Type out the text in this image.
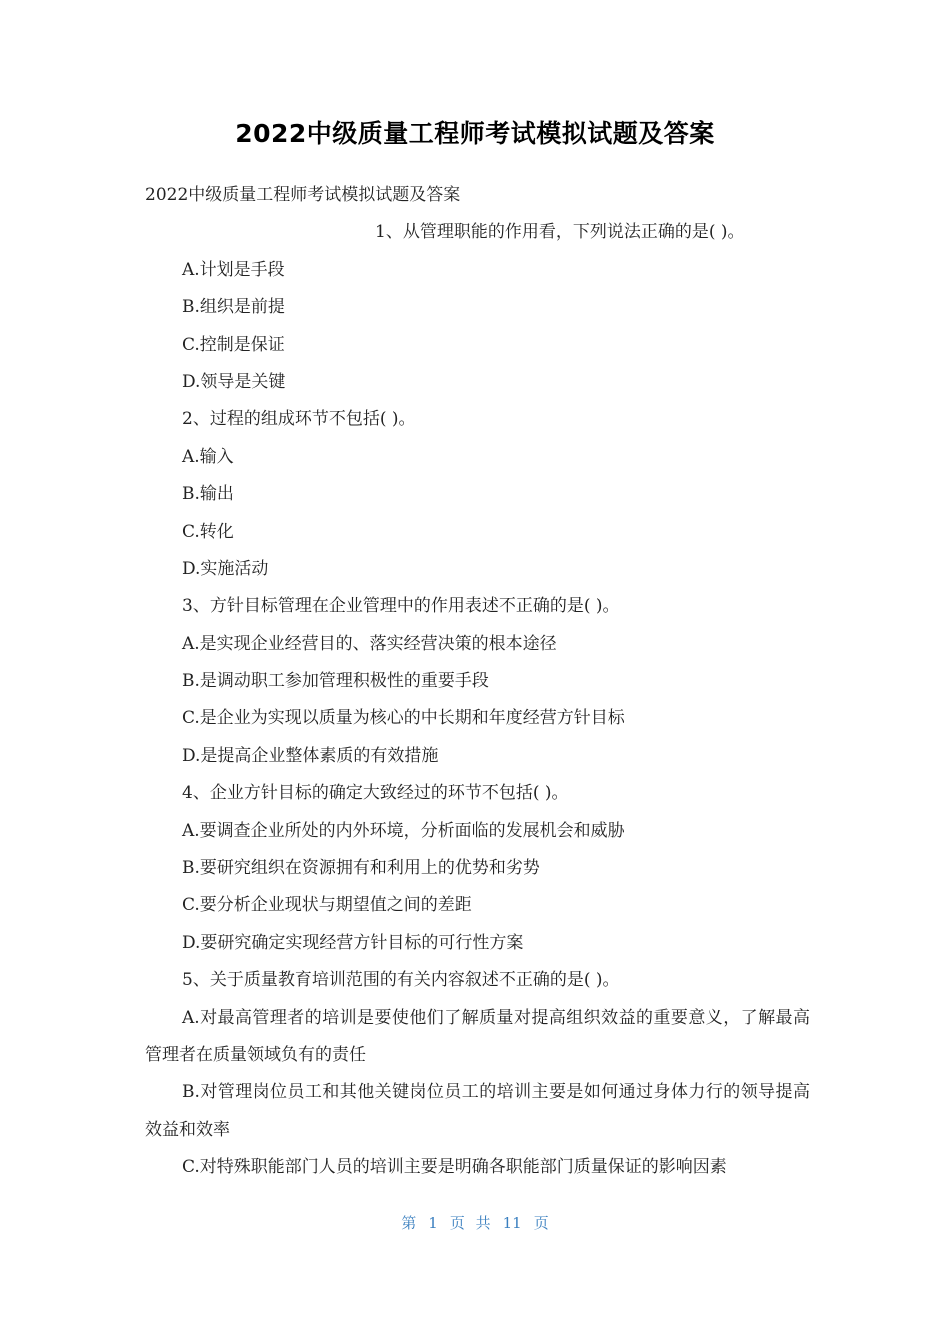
2022中级质量工程师考试模拟试题及答案
2022中级质量工程师考试模拟试题及答案
1、从管理职能的作用看，下列说法正确的是( )。
A.计划是手段
B.组织是前提
C.控制是保证
D.领导是关键
2、过程的组成环节不包括( )。
A.输入
B.输出
C.转化
D.实施活动
3、方针目标管理在企业管理中的作用表述不正确的是( )。
A.是实现企业经营目的、落实经营决策的根本途径
B.是调动职工参加管理积极性的重要手段
C.是企业为实现以质量为核心的中长期和年度经营方针目标
D.是提高企业整体素质的有效措施
4、企业方针目标的确定大致经过的环节不包括( )。
A.要调查企业所处的内外环境，分析面临的发展机会和威胁
B.要研究组织在资源拥有和利用上的优势和劣势
C.要分析企业现状与期望值之间的差距
D.要研究确定实现经营方针目标的可行性方案
5、关于质量教育培训范围的有关内容叙述不正确的是( )。
A.对最高管理者的培训是要使他们了解质量对提高组织效益的重要意义，了解最高管理者在质量领域负有的责任
B.对管理岗位员工和其他关键岗位员工的培训主要是如何通过身体力行的领导提高效益和效率
C.对特殊职能部门人员的培训主要是明确各职能部门质量保证的影响因素
第 1 页 共 11 页
